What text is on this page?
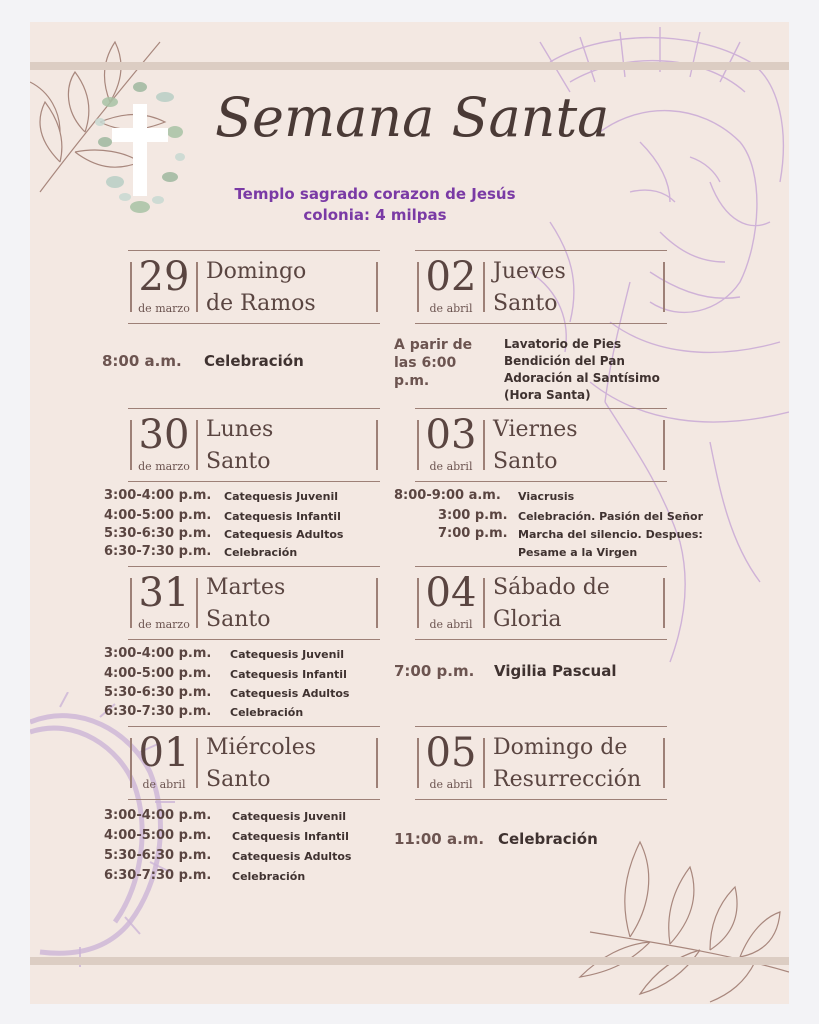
Semana Santa
Templo sagrado corazon de Jesús
colonia: 4 milpas
29
de marzo
Domingo
de Ramos
8:00 a.m. Celebración
30
de marzo
Lunes
Santo
3:00-4:00 p.m. Catequesis Juvenil
4:00-5:00 p.m. Catequesis Infantil
5:30-6:30 p.m. Catequesis Adultos
6:30-7:30 p.m. Celebración
31
de marzo
Martes
Santo
3:00-4:00 p.m. Catequesis Juvenil
4:00-5:00 p.m. Catequesis Infantil
5:30-6:30 p.m. Catequesis Adultos
6:30-7:30 p.m. Celebración
01
de abril
Miércoles
Santo
3:00-4:00 p.m. Catequesis Juvenil
4:00-5:00 p.m. Catequesis Infantil
5:30-6:30 p.m. Catequesis Adultos
6:30-7:30 p.m. Celebración
02
de abril
Jueves
Santo
A parir de
las 6:00
p.m.
Lavatorio de Pies
Bendición del Pan
Adoración al Santísimo
(Hora Santa)
03
de abril
Viernes
Santo
8:00-9:00 a.m. Viacrusis
3:00 p.m. Celebración. Pasión del Señor
7:00 p.m. Marcha del silencio. Despues:
Pesame a la Virgen
04
de abril
Sábado de
Gloria
7:00 p.m. Vigilia Pascual
05
de abril
Domingo de
Resurrección
11:00 a.m. Celebración
